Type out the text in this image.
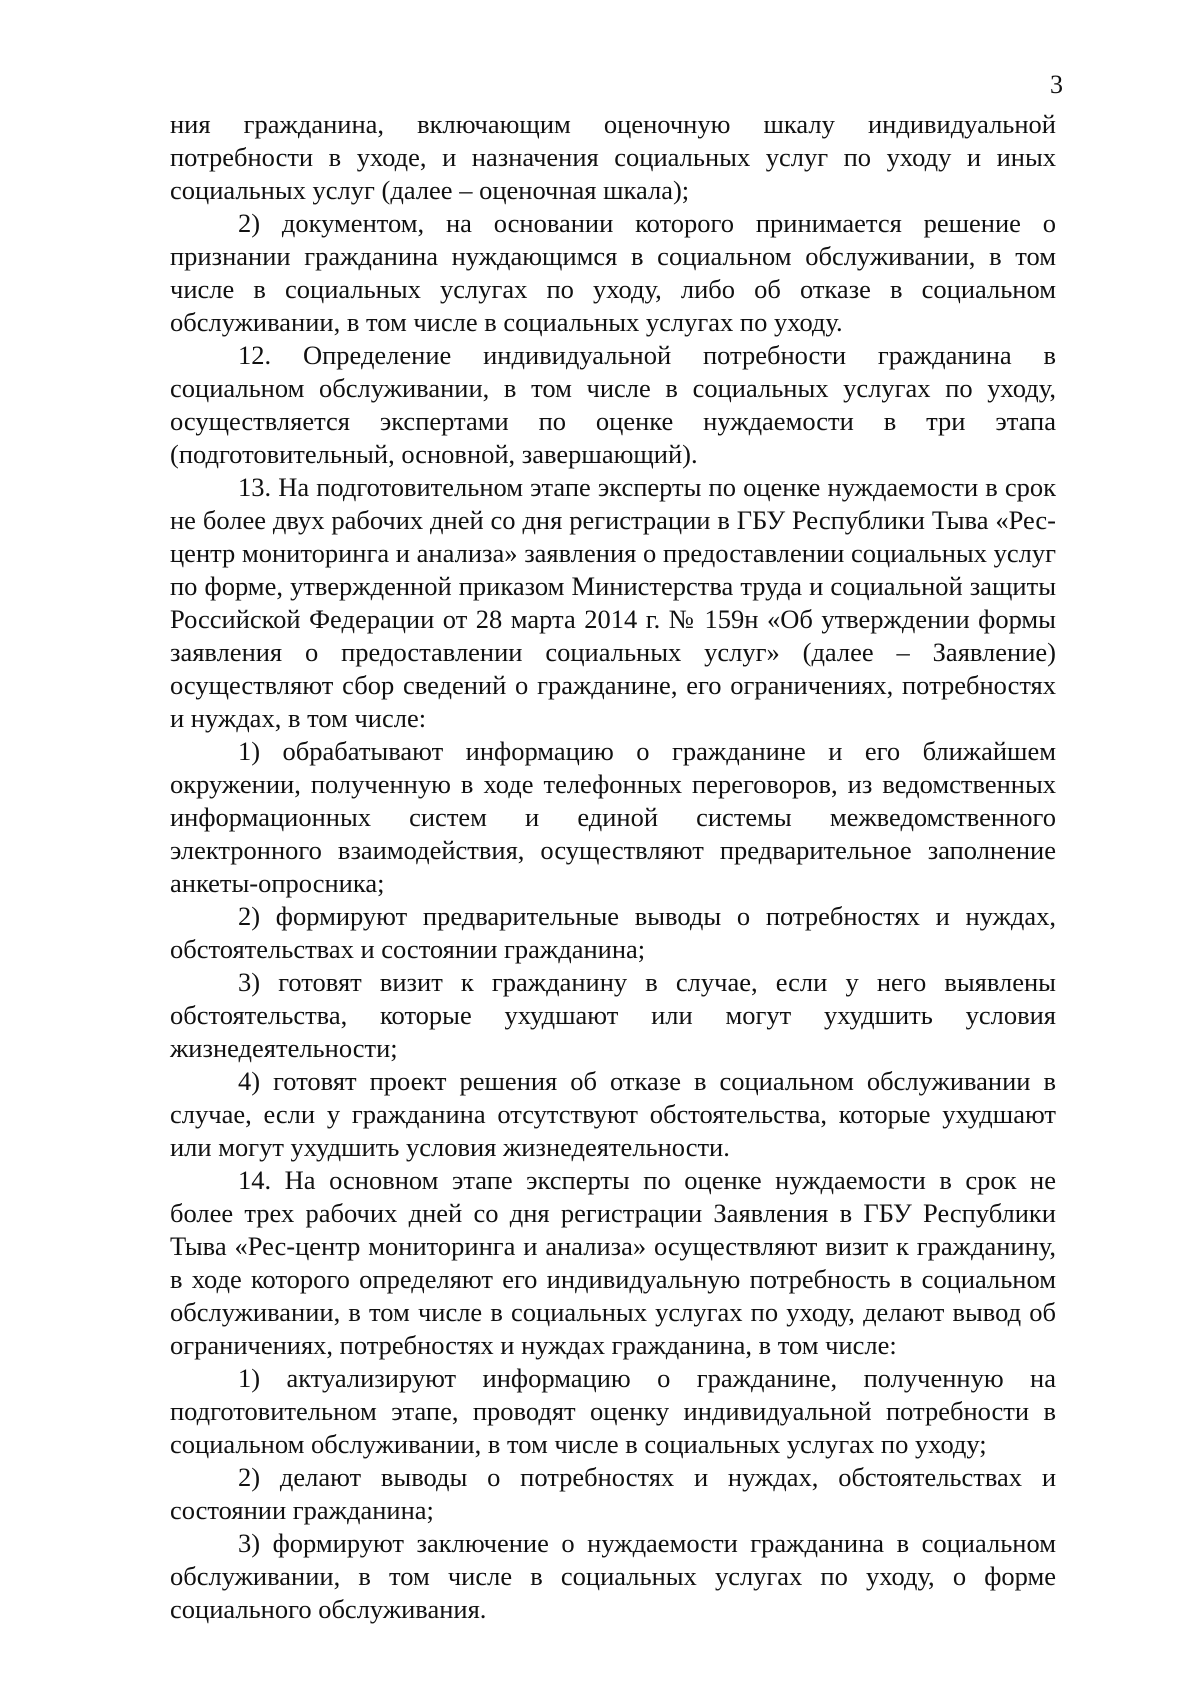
3

ния гражданина, включающим оценочную шкалу индивидуальной потребности в уходе, и назначения социальных услуг по уходу и иных социальных услуг (далее – оценочная шкала);

2) документом, на основании которого принимается решение о признании гражданина нуждающимся в социальном обслуживании, в том числе в социальных услугах по уходу, либо об отказе в социальном обслуживании, в том числе в социальных услугах по уходу.

12. Определение индивидуальной потребности гражданина в социальном обслуживании, в том числе в социальных услугах по уходу, осуществляется экспертами по оценке нуждаемости в три этапа (подготовительный, основной, завершающий).

13. На подготовительном этапе эксперты по оценке нуждаемости в срок не более двух рабочих дней со дня регистрации в ГБУ Республики Тыва «Рес-центр мониторинга и анализа» заявления о предоставлении социальных услуг по форме, утвержденной приказом Министерства труда и социальной защиты Российской Федерации от 28 марта 2014 г. № 159н «Об утверждении формы заявления о предоставлении социальных услуг» (далее – Заявление) осуществляют сбор сведений о гражданине, его ограничениях, потребностях и нуждах, в том числе:

1) обрабатывают информацию о гражданине и его ближайшем окружении, полученную в ходе телефонных переговоров, из ведомственных информационных систем и единой системы межведомственного электронного взаимодействия, осуществляют предварительное заполнение анкеты-опросника;

2) формируют предварительные выводы о потребностях и нуждах, обстоятельствах и состоянии гражданина;

3) готовят визит к гражданину в случае, если у него выявлены обстоятельства, которые ухудшают или могут ухудшить условия жизнедеятельности;

4) готовят проект решения об отказе в социальном обслуживании в случае, если у гражданина отсутствуют обстоятельства, которые ухудшают или могут ухудшить условия жизнедеятельности.

14. На основном этапе эксперты по оценке нуждаемости в срок не более трех рабочих дней со дня регистрации Заявления в ГБУ Республики Тыва «Рес-центр мониторинга и анализа» осуществляют визит к гражданину, в ходе которого определяют его индивидуальную потребность в социальном обслуживании, в том числе в социальных услугах по уходу, делают вывод об ограничениях, потребностях и нуждах гражданина, в том числе:

1) актуализируют информацию о гражданине, полученную на подготовительном этапе, проводят оценку индивидуальной потребности в социальном обслуживании, в том числе в социальных услугах по уходу;

2) делают выводы о потребностях и нуждах, обстоятельствах и состоянии гражданина;

3) формируют заключение о нуждаемости гражданина в социальном обслуживании, в том числе в социальных услугах по уходу, о форме социального обслуживания.
